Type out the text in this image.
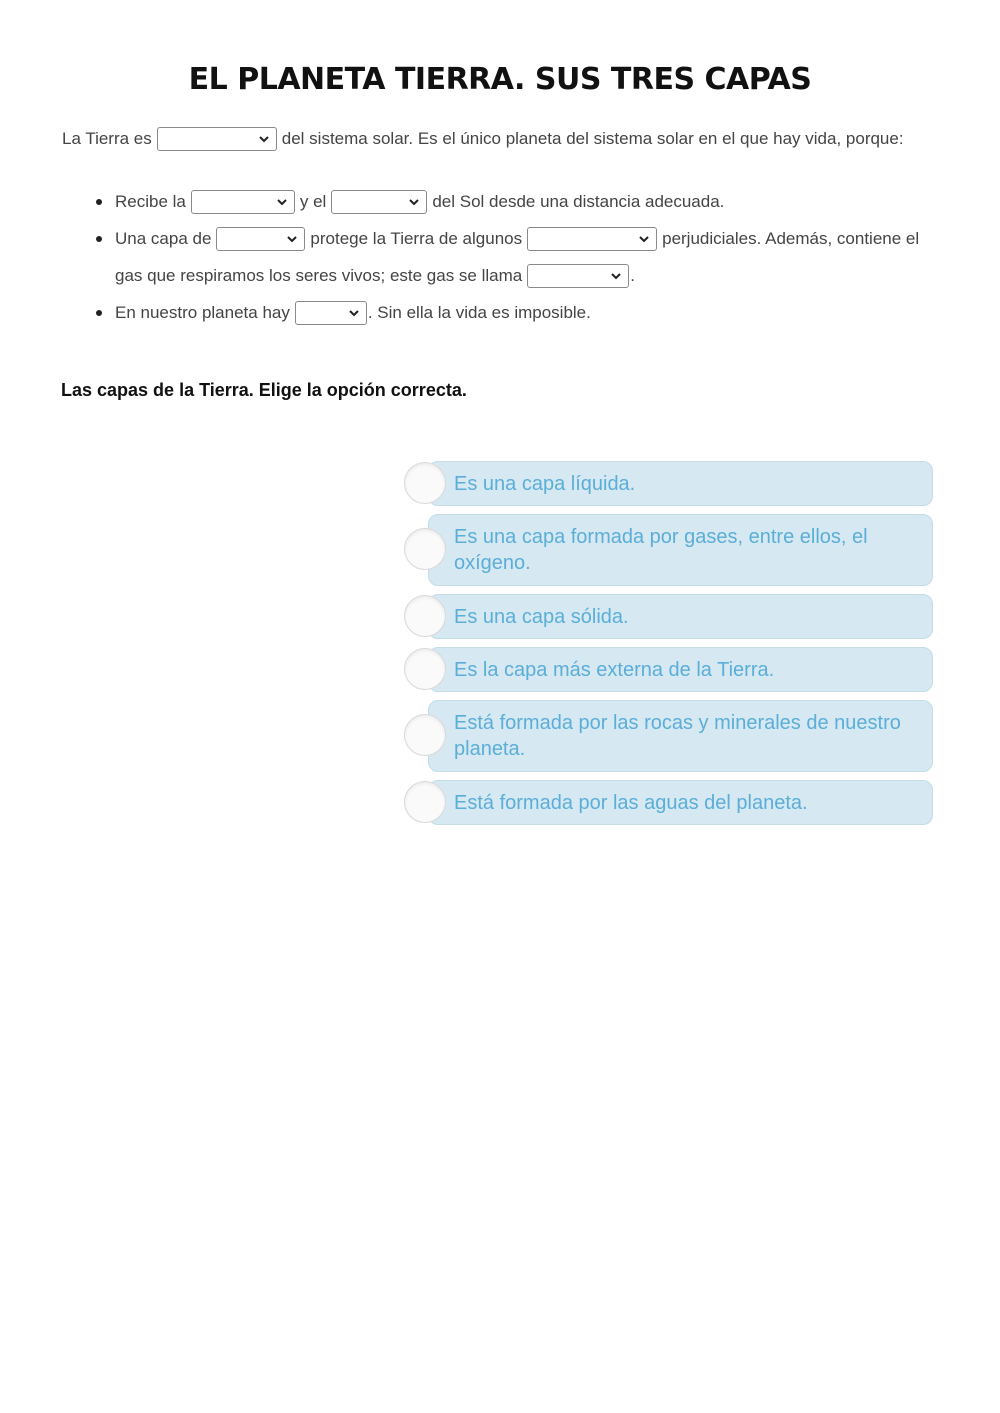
EL PLANETA TIERRA. SUS TRES CAPAS
La Tierra es	del sistema solar. Es el único planeta del sistema solar en el que hay vida, porque:
Recibe la	y el	del Sol desde una distancia adecuada.
Una capa de	protege la Tierra de algunos	perjudiciales. Además, contiene el
gas que respiramos los seres vivos; este gas se llama	.
En nuestro planeta hay	. Sin ella la vida es imposible.
Las capas de la Tierra. Elige la opción correcta.
Es una capa líquida.
Es una capa formada por gases, entre ellos, el oxígeno.
Es una capa sólida.
Es la capa más externa de la Tierra.
Está formada por las rocas y minerales de nuestro planeta.
Está formada por las aguas del planeta.
